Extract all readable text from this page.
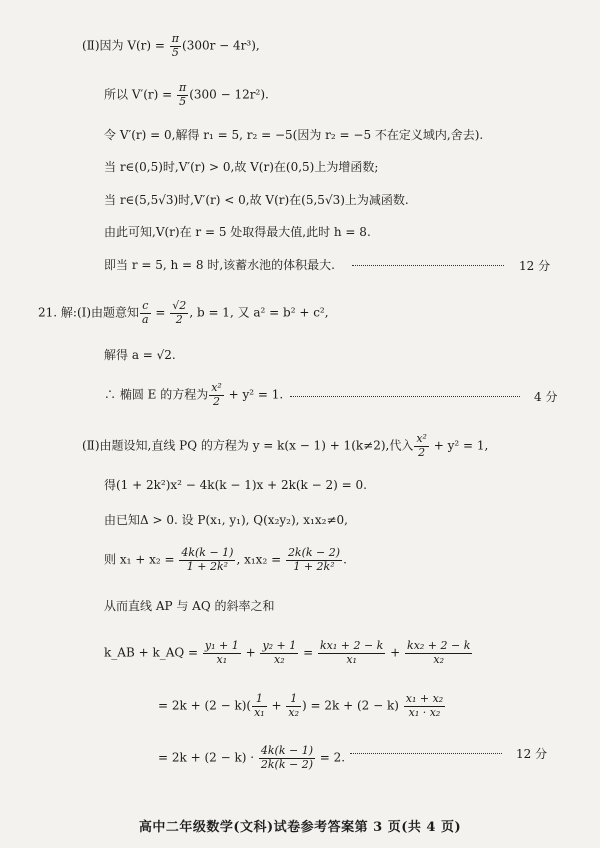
(Ⅱ)因为 $V(r) = \frac{\pi}{5} (300r - 4r^3)$,
所以 $V'(r) = \frac{\pi}{5} (300 - 12r^2)$.
令 V′(r) = 0,解得 r₁ = 5, r₂ = −5(因为 r₂ = −5 不在定义域内,舍去).
当 r∈(0,5)时,V′(r) > 0,故 V(r)在(0,5)上为增函数;
当 r∈(5,5√3)时,V′(r) < 0,故 V(r)在(5,5√3)上为减函数.
由此可知,V(r)在 r = 5 处取得最大值,此时 h = 8.
即当 r = 5, h = 8 时,该蓄水池的体积最大.	12 分
21. 解:(Ⅰ)由题意知 $\frac{c}{a} = \frac{√2}{2}$ , b = 1, 又 a² = b² + c²,
解得 a = √2.
∴ 椭圆 E 的方程为 $\frac{\text{x²}}{2} + y^2 = 1$.	4 分
(Ⅱ)由题设知,直线 PQ 的方程为 y = k(x − 1) + 1(k≠2),代入 $\frac{\text{x²}}{2} + y^2 = 1$,
得(1 + 2k²)x² − 4k(k − 1)x + 2k(k − 2) = 0.
由已知Δ > 0. 设 P(x₁, y₁), Q(x₂y₂), x₁x₂≠0,
则 $x_1 + x_2 = \frac{4k(k - 1)}{\text{1 + 2k²}}$ , $x_1x_2 = \frac{2k(k - 2)}{\text{1 + 2k²}}$ .
从而直线 AP 与 AQ 的斜率之和
k_AB + k_AQ = $\frac{\text{y₁ + 1}}{\text{x₁}} + \frac{\text{y₂ + 1}}{\text{x₂}} = \frac{\text{kx₁ + 2 − k}}{\text{x₁}} + \frac{\text{kx₂ + 2 − k}}{\text{x₂}}$
= $2k + (2 - k)( \frac{1}{\text{x₁}} + \frac{1}{\text{x₂}}$ ) = $2k + (2 - k) \frac{\text{x₁ + x₂}}{\text{x₁ · x₂}}$
= $2k + (2 - k) \cdot \frac{4k(k - 1)}{2k(k - 2)} = 2$.	12 分
高中二年级数学(文科)试卷参考答案第 3 页(共 4 页)
